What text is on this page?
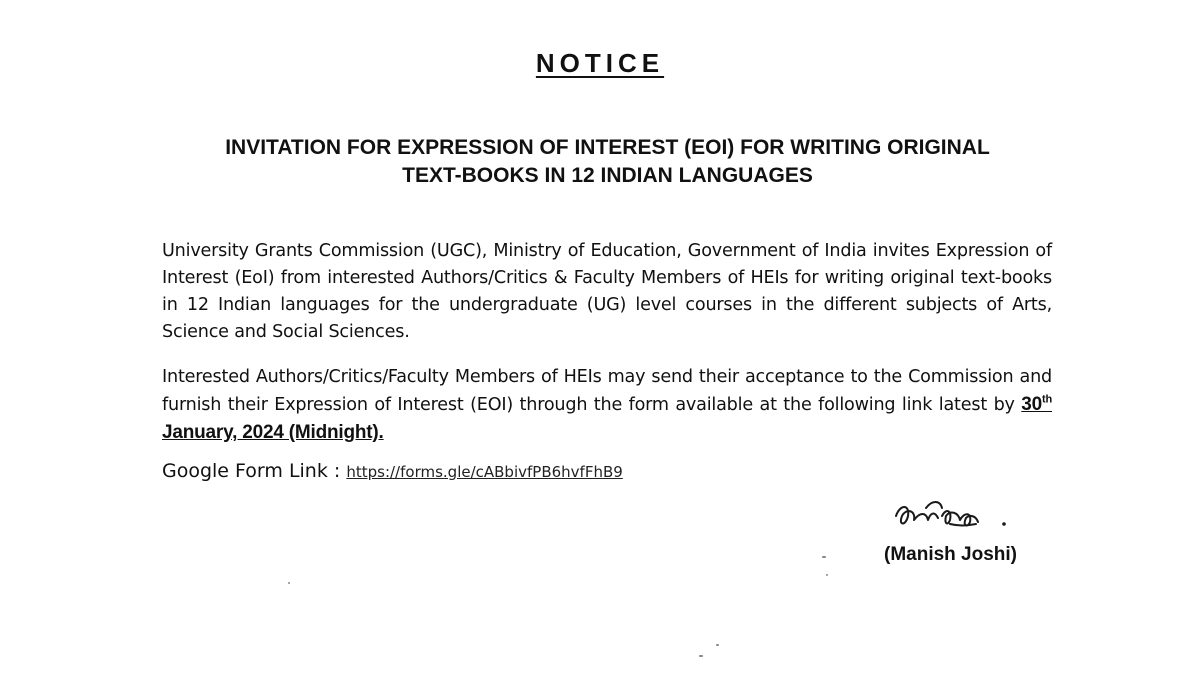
NOTICE
INVITATION FOR EXPRESSION OF INTEREST (EOI) FOR WRITING ORIGINAL
TEXT-BOOKS IN 12 INDIAN LANGUAGES
University Grants Commission (UGC), Ministry of Education, Government of India invites Expression of Interest (EoI) from interested Authors/Critics & Faculty Members of HEIs for writing original text-books in 12 Indian languages for the undergraduate (UG) level courses in the different subjects of Arts, Science and Social Sciences.
Interested Authors/Critics/Faculty Members of HEIs may send their acceptance to the Commission and furnish their Expression of Interest (EOI) through the form available at the following link latest by 30th January, 2024 (Midnight).
Google Form Link : https://forms.gle/cABbivfPB6hvfFhB9
(Manish Joshi)
